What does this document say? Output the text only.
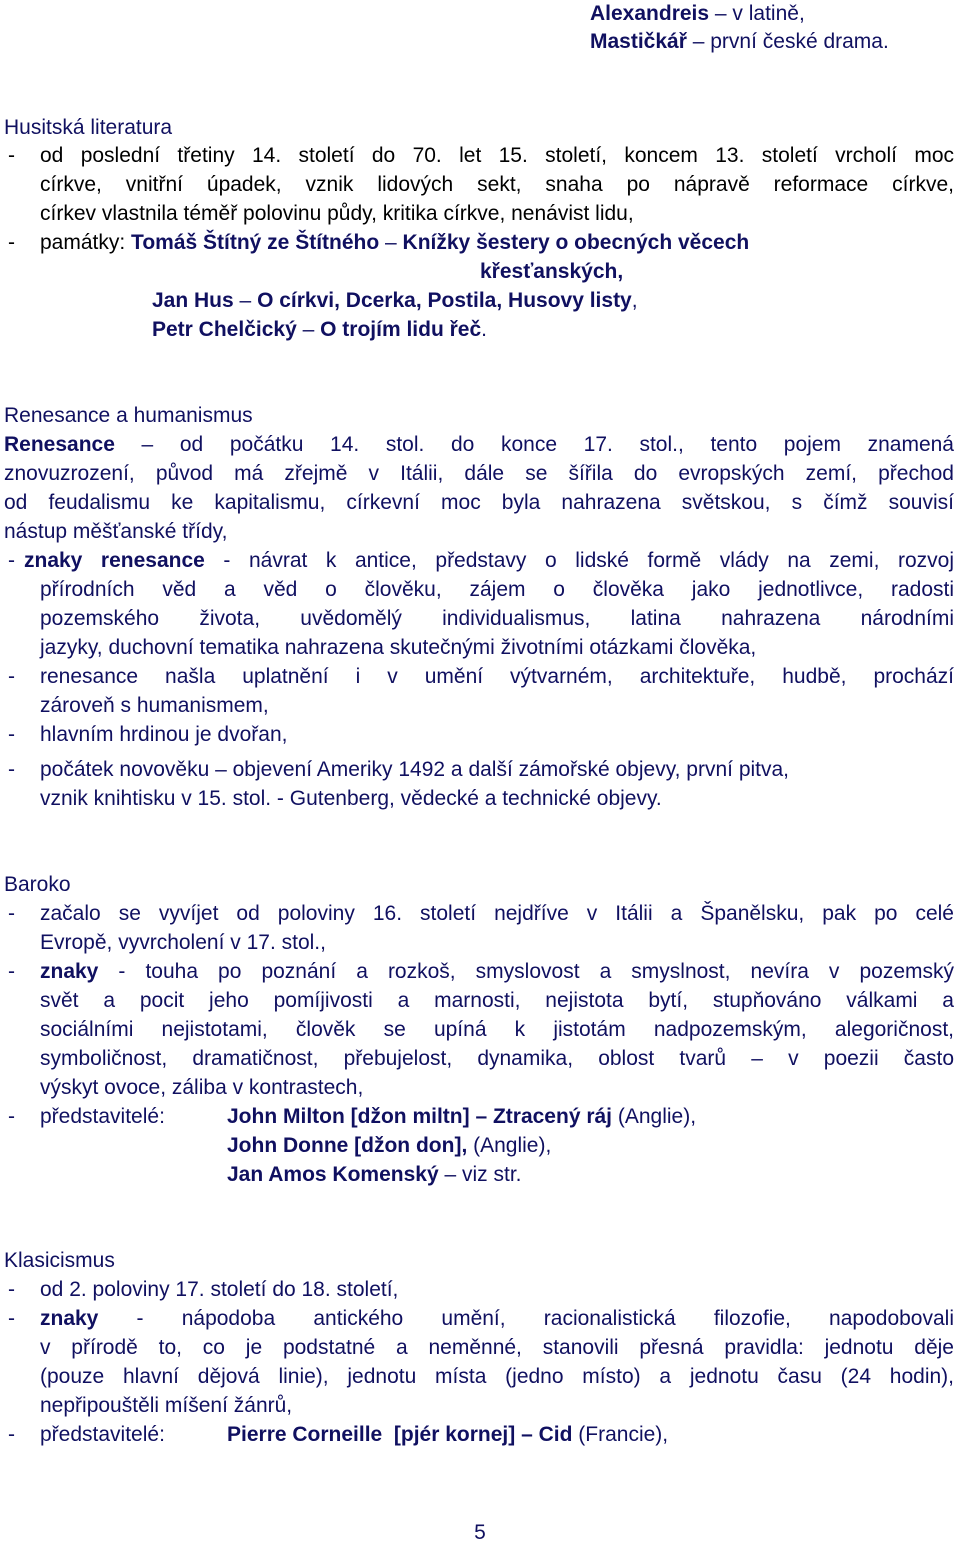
Alexandreis – v latině,
Mastičkář – první české drama.
Husitská literatura
- od poslední třetiny 14. století do 70. let 15. století, koncem 13. století vrcholí moc
církve, vnitřní úpadek, vznik lidových sekt, snaha po nápravě reformace církve,
církev vlastnila téměř polovinu půdy, kritika církve, nenávist lidu,
- památky: Tomáš Štítný ze Štítného – Knížky šestery o obecných věcech
křesťanských,
Jan Hus – O církvi, Dcerka, Postila, Husovy listy,
Petr Chelčický – O trojím lidu řeč.
Renesance a humanismus
Renesance – od počátku 14. stol. do konce 17. stol., tento pojem znamená
znovuzrození, původ má zřejmě v Itálii, dále se šířila do evropských zemí, přechod
od feudalismu ke kapitalismu, církevní moc byla nahrazena světskou, s čímž souvisí
nástup měšťanské třídy,
- znaky renesance - návrat k antice, představy o lidské formě vlády na zemi, rozvoj
přírodních věd a věd o člověku, zájem o člověka jako jednotlivce, radosti
pozemského života, uvědomělý individualismus, latina nahrazena národními
jazyky, duchovní tematika nahrazena skutečnými životními otázkami člověka,
- renesance našla uplatnění i v umění výtvarném, architektuře, hudbě, prochází
zároveň s humanismem,
- hlavním hrdinou je dvořan,
- počátek novověku – objevení Ameriky 1492 a další zámořské objevy, první pitva,
vznik knihtisku v 15. stol. - Gutenberg, vědecké a technické objevy.
Baroko
- začalo se vyvíjet od poloviny 16. století nejdříve v Itálii a Španělsku, pak po celé
Evropě, vyvrcholení v 17. stol.,
- znaky - touha po poznání a rozkoš, smyslovost a smyslnost, nevíra v pozemský
svět a pocit jeho pomíjivosti a marnosti, nejistota bytí, stupňováno válkami a
sociálními nejistotami, člověk se upíná k jistotám nadpozemským, alegoričnost,
symboličnost, dramatičnost, přebujelost, dynamika, oblost tvarů – v poezii často
výskyt ovoce, záliba v kontrastech,
- představitelé:	John Milton [džon miltn] – Ztracený ráj (Anglie),
John Donne [džon don], (Anglie),
Jan Amos Komenský – viz str.
Klasicismus
- od 2. poloviny 17. století do 18. století,
- znaky - nápodoba antického umění, racionalistická filozofie, napodobovali
v přírodě to, co je podstatné a neměnné, stanovili přesná pravidla: jednotu děje
(pouze hlavní dějová linie), jednotu místa (jedno místo) a jednotu času (24 hodin),
nepřipouštěli míšení žánrů,
- představitelé:	Pierre Corneille  [pjér kornej] – Cid (Francie),
5
